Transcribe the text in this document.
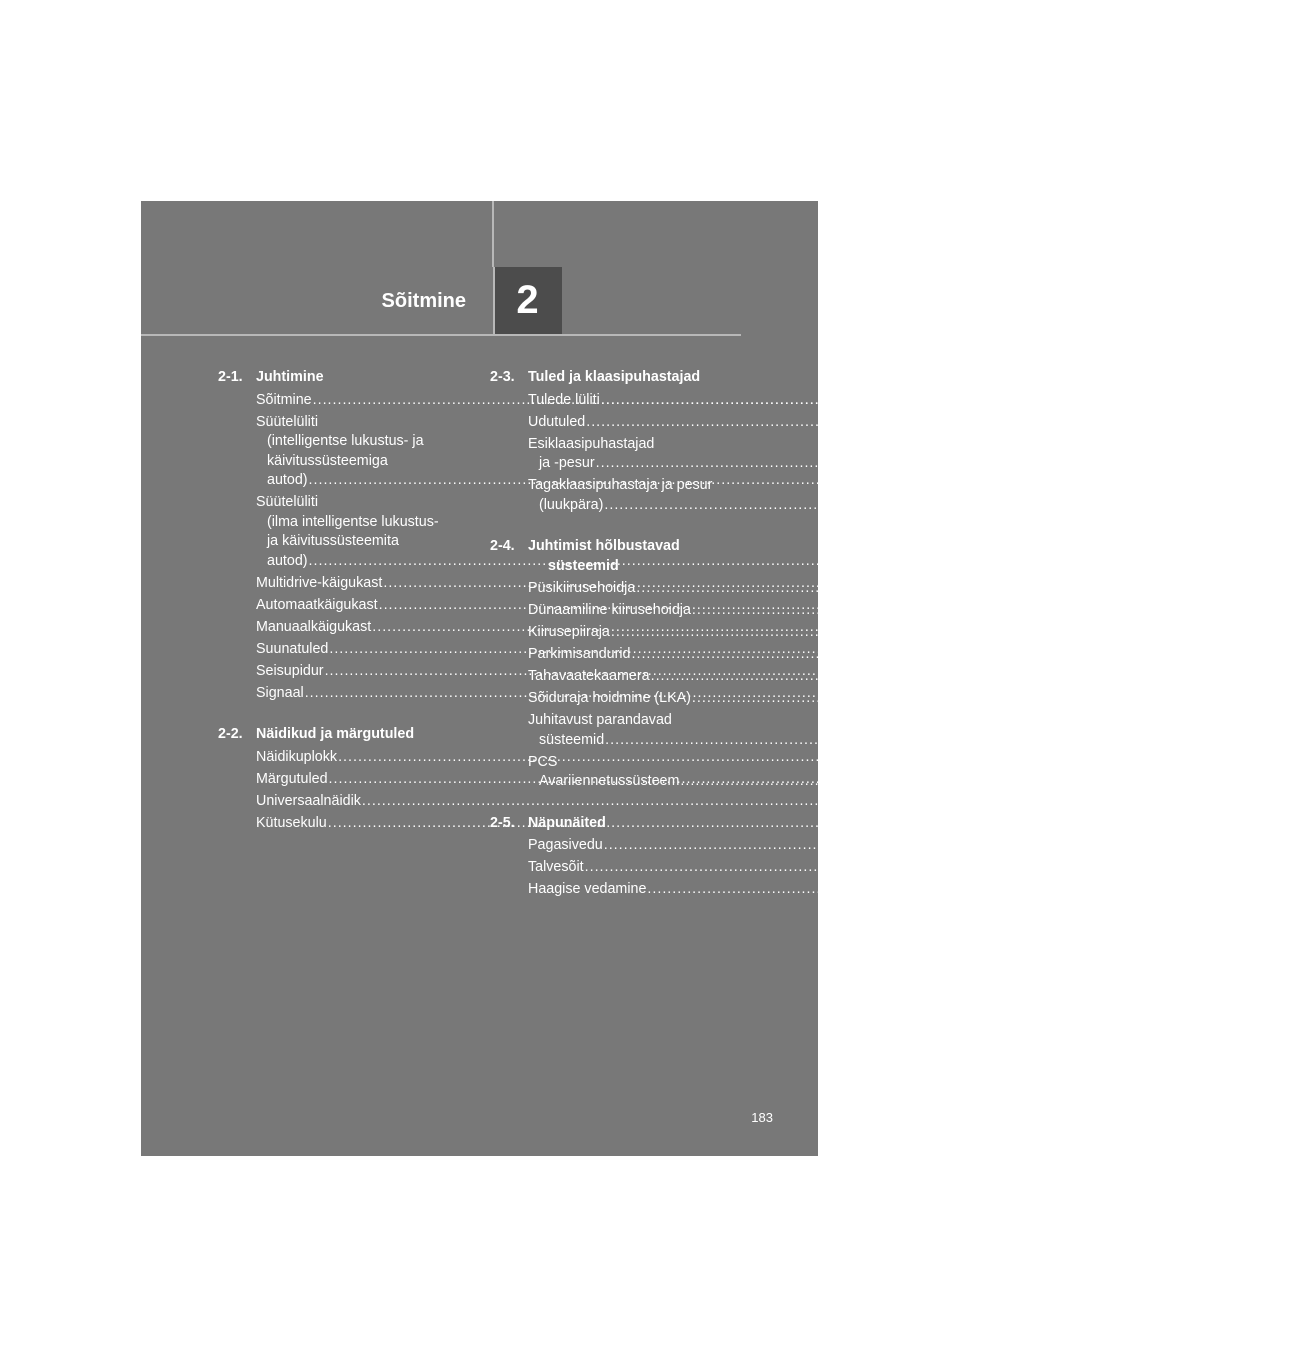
2
Sõitmine
2-1. Juhtimine
Sõitmine .....	184
Süütelüliti
(intelligentse lukustus- ja
käivitussüsteemiga
autod) .....	200
Süütelüliti
(ilma intelligentse lukustus-
ja käivitussüsteemita
autod) .....	206
Multidrive-käigukast .....	210
Automaatkäigukast .....	216
Manuaalkäigukast .....	224
Suunatuled .....	228
Seisupidur .....	229
Signaal .....	233
2-2. Näidikud ja märgutuled
Näidikuplokk .....	234
Märgutuled .....	237
Universaalnäidik .....	241
Kütusekulu .....	254
2-3. Tuled ja klaasipuhastajad
Tulede lüliti .....	256
Udutuled .....	263
Esiklaasipuhastajad
ja -pesur .....	265
Tagaklaasipuhastaja ja pesur
(luukpära) .....	270
2-4. Juhtimist hõlbustavad
süsteemid
Püsikiirusehoidja .....	271
Dünaamiline kiirusehoidja .....	277
Kiirusepiiraja .....	296
Parkimisandurid .....	299
Tahavaatekaamera .....	304
Sõiduraja hoidmine (LKA) .....	314
Juhitavust parandavad
süsteemid .....	324
PCS
Avariiennetussüsteem .....	330
2-5. Näpunäited
Pagasivedu .....	339
Talvesõit .....	341
Haagise vedamine .....	345
183
